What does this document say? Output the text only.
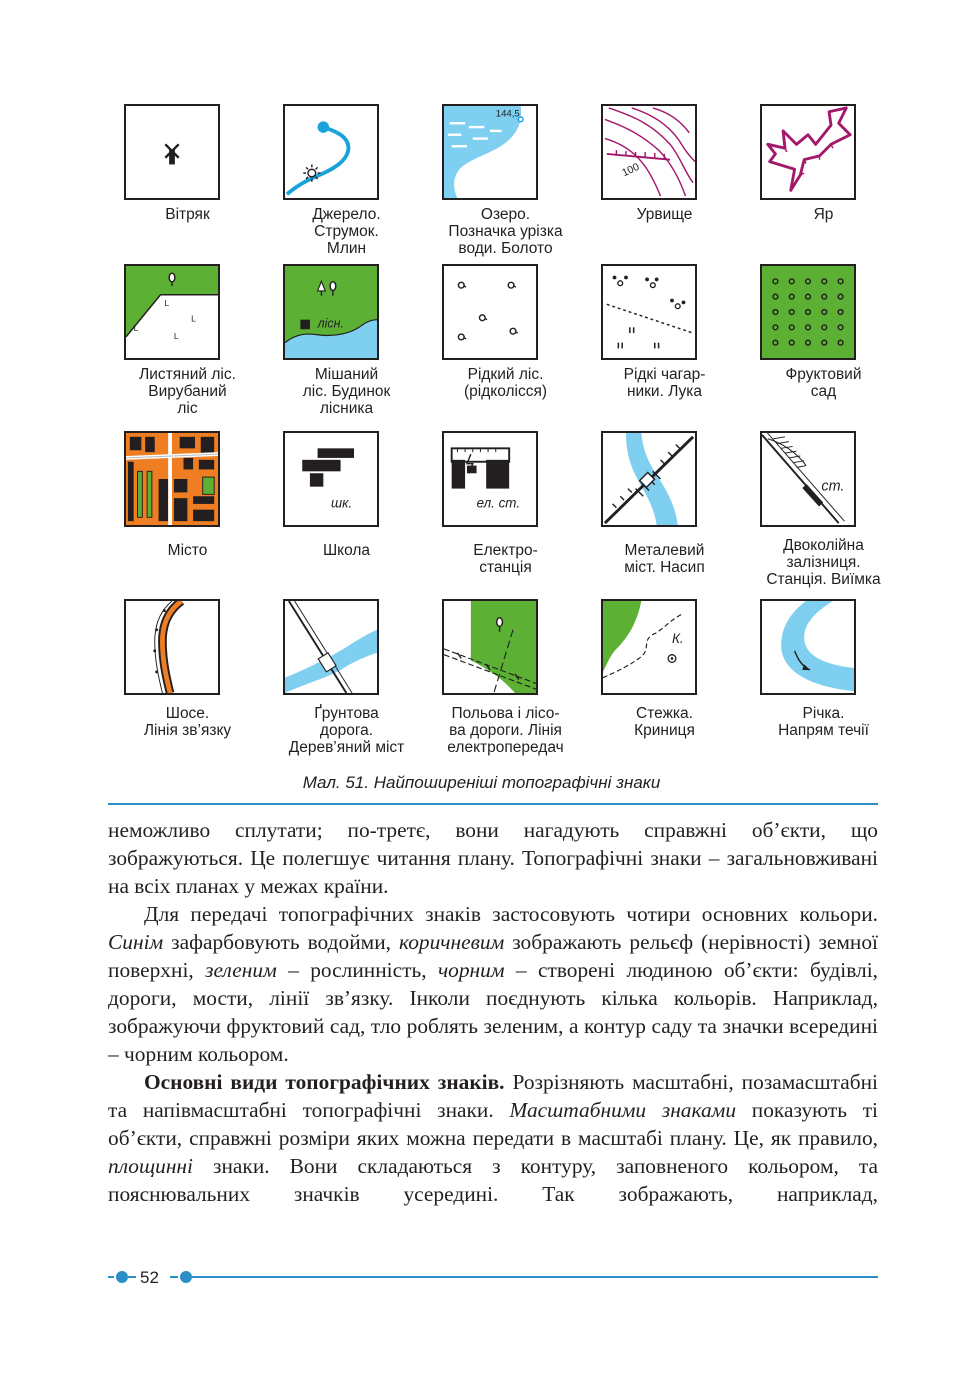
Вітряк	Джерело.
Струмок.
Млин
144,5
Озеро.
Позначка урізка
води. Болото
100
Урвище	Яр
L
L
L
L
Листяний ліс.
Вирубаний
ліс
лісн.
Мішаний
ліс. Будинок
лісника
Рідкий ліс.
(рідколісся)
Рідкі чагар-
ники. Лука
Фруктовий
сад
Місто
шк.
Школа
ел. ст.
Електро-
станція
Металевий
міст. Насип
ст.
Двоколійна
залізниця.
Станція. Виїмка
Шосе.
Лінія зв’язку
Ґрунтова
дорога.
Дерев’яний міст
Польова і лісо-
ва дороги. Лінія
електропередач
К.
Стежка.
Криниця
Річка.
Напрям течії
Мал. 51. Найпоширеніші топографічні знаки

неможливо сплутати; по-третє, вони нагадують справжні об’єкти, що зображуються. Це полегшує читання плану. Топографічні знаки – загальновживані на всіх планах у межах країни.

Для передачі топографічних знаків застосовують чотири основних кольори. Синім зафарбовують водойми, коричневим зображають рельєф (нерівності) земної поверхні, зеленим – рослинність, чорним – створені людиною об’єкти: будівлі, дороги, мости, лінії зв’язку. Інколи поєднують кілька кольорів. Наприклад, зображуючи фруктовий сад, тло роблять зеленим, а контур саду та значки всередині – чорним кольором.

Основні види топографічних знаків. Розрізняють масштабні, позамасштабні та напівмасштабні топографічні знаки. Масштабними знаками показують ті об’єкти, справжні розміри яких можна передати в масштабі плану. Це, як правило, площинні знаки. Вони складаються з контуру, заповненого кольором, та пояснювальних значків усередині. Так зображають, наприклад,

52
